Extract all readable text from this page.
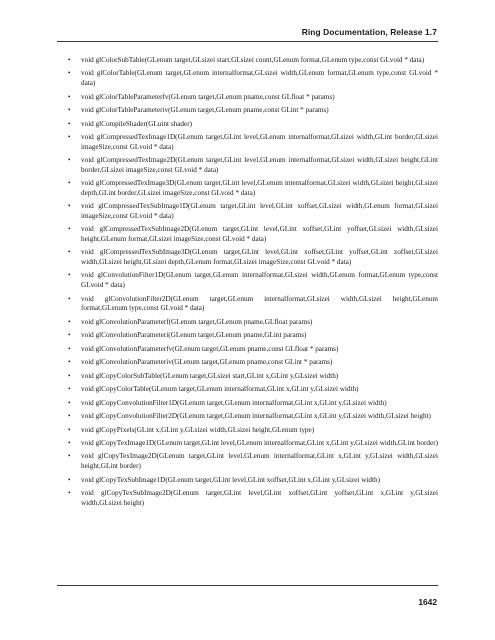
Ring Documentation, Release 1.7
• void glColorSubTable(GLenum target,GLsizei start,GLsizei count,GLenum format,GLenum type,const GLvoid * data)
• void glColorTable(GLenum target,GLenum internalformat,GLsizei width,GLenum format,GLenum type,const GLvoid * data)
• void glColorTableParameterfv(GLenum target,GLenum pname,const GLfloat * params)
• void glColorTableParameteriv(GLenum target,GLenum pname,const GLint * params)
• void glCompileShader(GLuint shader)
• void glCompressedTexImage1D(GLenum target,GLint level,GLenum internalformat,GLsizei width,GLint border,GLsizei imageSize,const GLvoid * data)
• void glCompressedTexImage2D(GLenum target,GLint level,GLenum internalformat,GLsizei width,GLsizei height,GLint border,GLsizei imageSize,const GLvoid * data)
• void glCompressedTexImage3D(GLenum target,GLint level,GLenum internalformat,GLsizei width,GLsizei height,GLsizei depth,GLint border,GLsizei imageSize,const GLvoid * data)
• void glCompressedTexSubImage1D(GLenum target,GLint level,GLint xoffset,GLsizei width,GLenum format,GLsizei imageSize,const GLvoid * data)
• void glCompressedTexSubImage2D(GLenum target,GLint level,GLint xoffset,GLint yoffset,GLsizei width,GLsizei height,GLenum format,GLsizei imageSize,const GLvoid * data)
• void glCompressedTexSubImage3D(GLenum target,GLint level,GLint xoffset,GLint yoffset,GLint zoffset,GLsizei width,GLsizei height,GLsizei depth,GLenum format,GLsizei imageSize,const GLvoid * data)
• void glConvolutionFilter1D(GLenum target,GLenum internalformat,GLsizei width,GLenum format,GLenum type,const GLvoid * data)
• void glConvolutionFilter2D(GLenum target,GLenum internalformat,GLsizei width,GLsizei height,GLenum format,GLenum type,const GLvoid * data)
• void glConvolutionParameterf(GLenum target,GLenum pname,GLfloat params)
• void glConvolutionParameteri(GLenum target,GLenum pname,GLint params)
• void glConvolutionParameterfv(GLenum target,GLenum pname,const GLfloat * params)
• void glConvolutionParameteriv(GLenum target,GLenum pname,const GLint * params)
• void glCopyColorSubTable(GLenum target,GLsizei start,GLint x,GLint y,GLsizei width)
• void glCopyColorTable(GLenum target,GLenum internalformat,GLint x,GLint y,GLsizei width)
• void glCopyConvolutionFilter1D(GLenum target,GLenum internalformat,GLint x,GLint y,GLsizei width)
• void glCopyConvolutionFilter2D(GLenum target,GLenum internalformat,GLint x,GLint y,GLsizei width,GLsizei height)
• void glCopyPixels(GLint x,GLint y,GLsizei width,GLsizei height,GLenum type)
• void glCopyTexImage1D(GLenum target,GLint level,GLenum internalformat,GLint x,GLint y,GLsizei width,GLint border)
• void glCopyTexImage2D(GLenum target,GLint level,GLenum internalformat,GLint x,GLint y,GLsizei width,GLsizei height,GLint border)
• void glCopyTexSubImage1D(GLenum target,GLint level,GLint xoffset,GLint x,GLint y,GLsizei width)
• void glCopyTexSubImage2D(GLenum target,GLint level,GLint xoffset,GLint yoffset,GLint x,GLint y,GLsizei width,GLsizei height)
1642
